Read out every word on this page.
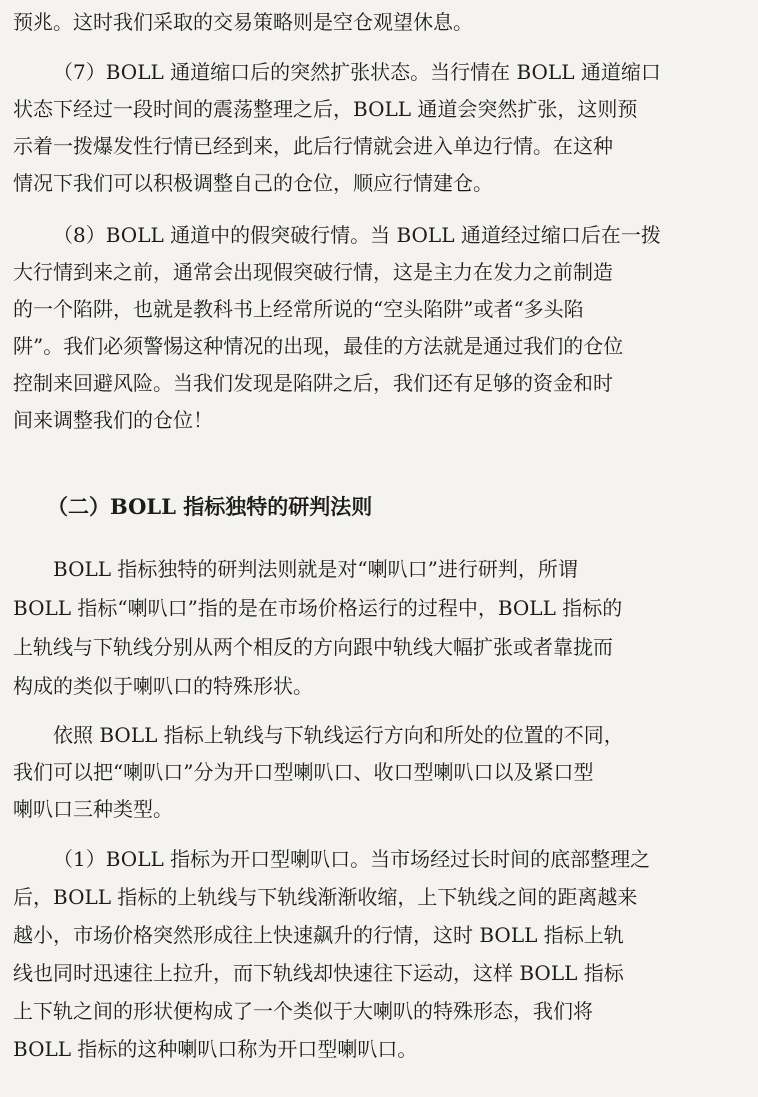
预兆。这时我们采取的交易策略则是空仓观望休息。
（7）BOLL 通道缩口后的突然扩张状态。当行情在 BOLL 通道缩口
状态下经过一段时间的震荡整理之后，BOLL 通道会突然扩张，这则预
示着一拨爆发性行情已经到来，此后行情就会进入单边行情。在这种
情况下我们可以积极调整自己的仓位，顺应行情建仓。
（8）BOLL 通道中的假突破行情。当 BOLL 通道经过缩口后在一拨
大行情到来之前，通常会出现假突破行情，这是主力在发力之前制造
的一个陷阱，也就是教科书上经常所说的“空头陷阱”或者“多头陷
阱”。我们必须警惕这种情况的出现，最佳的方法就是通过我们的仓位
控制来回避风险。当我们发现是陷阱之后，我们还有足够的资金和时
间来调整我们的仓位！
（二）BOLL 指标独特的研判法则
BOLL 指标独特的研判法则就是对“喇叭口”进行研判，所谓
BOLL 指标“喇叭口”指的是在市场价格运行的过程中，BOLL 指标的
上轨线与下轨线分别从两个相反的方向跟中轨线大幅扩张或者靠拢而
构成的类似于喇叭口的特殊形状。
依照 BOLL 指标上轨线与下轨线运行方向和所处的位置的不同，
我们可以把“喇叭口”分为开口型喇叭口、收口型喇叭口以及紧口型
喇叭口三种类型。
（1）BOLL 指标为开口型喇叭口。当市场经过长时间的底部整理之
后，BOLL 指标的上轨线与下轨线渐渐收缩，上下轨线之间的距离越来
越小，市场价格突然形成往上快速飙升的行情，这时 BOLL 指标上轨
线也同时迅速往上拉升，而下轨线却快速往下运动，这样 BOLL 指标
上下轨之间的形状便构成了一个类似于大喇叭的特殊形态，我们将
BOLL 指标的这种喇叭口称为开口型喇叭口。
